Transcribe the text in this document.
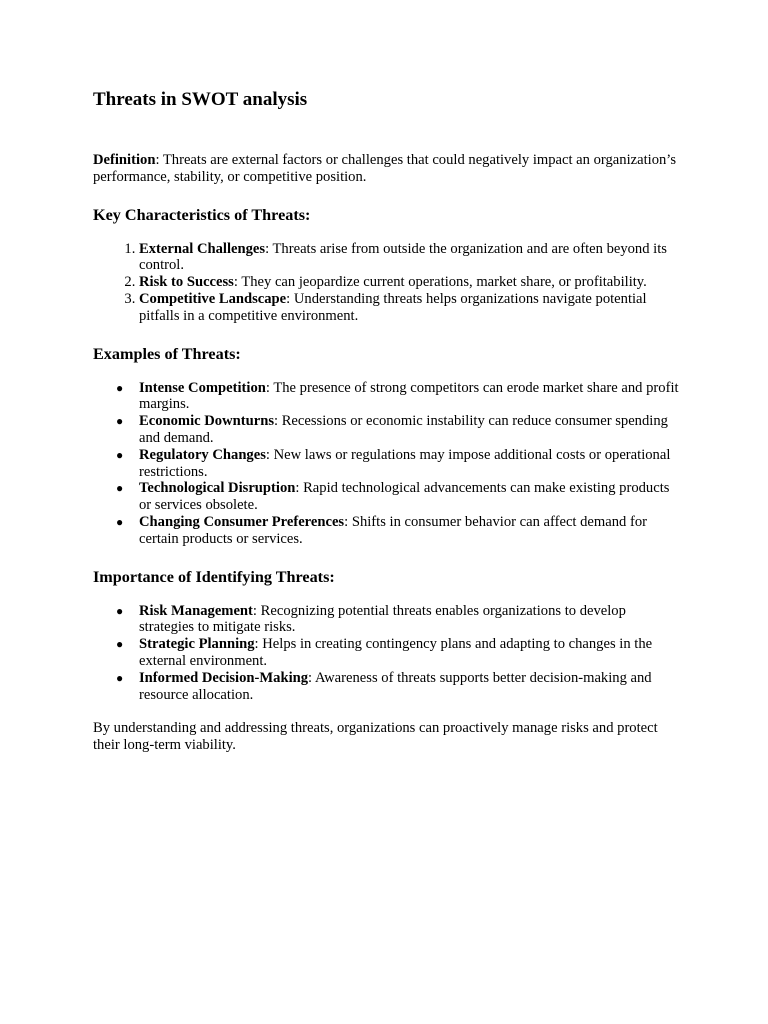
Threats in SWOT analysis

Definition: Threats are external factors or challenges that could negatively impact an organization’s performance, stability, or competitive position.

Key Characteristics of Threats:
1. External Challenges: Threats arise from outside the organization and are often beyond its control.
2. Risk to Success: They can jeopardize current operations, market share, or profitability.
3. Competitive Landscape: Understanding threats helps organizations navigate potential pitfalls in a competitive environment.
Examples of Threats:
● Intense Competition: The presence of strong competitors can erode market share and profit margins.
● Economic Downturns: Recessions or economic instability can reduce consumer spending and demand.
● Regulatory Changes: New laws or regulations may impose additional costs or operational restrictions.
● Technological Disruption: Rapid technological advancements can make existing products or services obsolete.
● Changing Consumer Preferences: Shifts in consumer behavior can affect demand for certain products or services.
Importance of Identifying Threats:
● Risk Management: Recognizing potential threats enables organizations to develop strategies to mitigate risks.
● Strategic Planning: Helps in creating contingency plans and adapting to changes in the external environment.
● Informed Decision-Making: Awareness of threats supports better decision-making and resource allocation.

By understanding and addressing threats, organizations can proactively manage risks and protect their long-term viability.
